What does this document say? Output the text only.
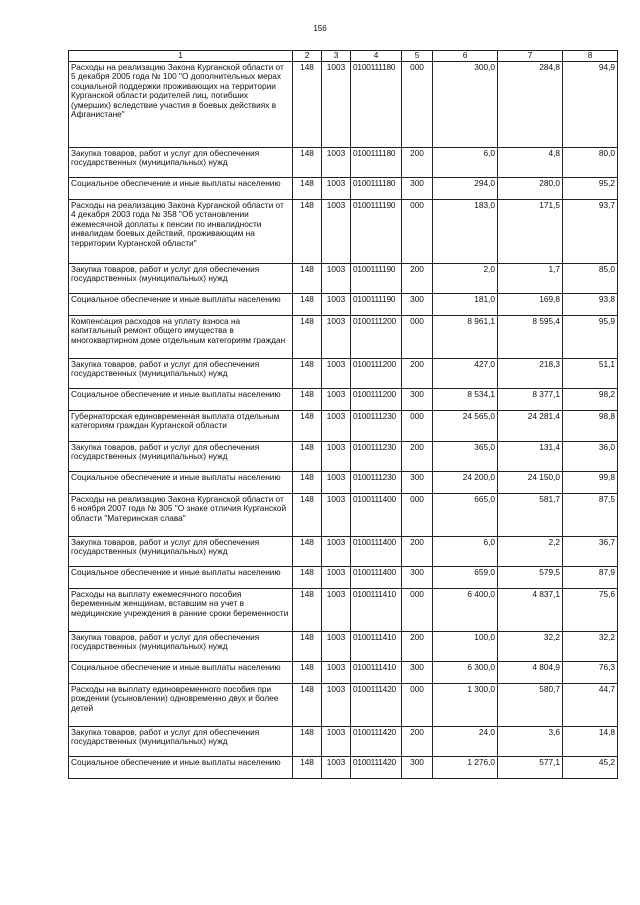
156
1	2	3	4	5	6	7	8
Расходы на реализацию Закона Курганской области от 5 декабря 2005 года № 100 "О дополнительных мерах социальной поддержки проживающих на территории Курганской области родителей лиц, погибших (умерших) вследствие участия в боевых действиях в Афганистане"	148	1003	0100111180	000	300,0	284,8	94,9
Закупка товаров, работ и услуг для обеспечения государственных (муниципальных) нужд	148	1003	0100111180	200	6,0	4,8	80,0
Социальное обеспечение и иные выплаты населению	148	1003	0100111180	300	294,0	280,0	95,2
Расходы на реализацию Закона Курганской области от 4 декабря 2003 года № 358 "Об установлении ежемесячной доплаты к пенсии по инвалидности инвалидам боевых действий, проживающим на территории Курганской области"	148	1003	0100111190	000	183,0	171,5	93,7
Закупка товаров, работ и услуг для обеспечения государственных (муниципальных) нужд	148	1003	0100111190	200	2,0	1,7	85,0
Социальное обеспечение и иные выплаты населению	148	1003	0100111190	300	181,0	169,8	93,8
Компенсация расходов на уплату взноса на капитальный ремонт общего имущества в многоквартирном доме отдельным категориям граждан	148	1003	0100111200	000	8 961,1	8 595,4	95,9
Закупка товаров, работ и услуг для обеспечения государственных (муниципальных) нужд	148	1003	0100111200	200	427,0	218,3	51,1
Социальное обеспечение и иные выплаты населению	148	1003	0100111200	300	8 534,1	8 377,1	98,2
Губернаторская единовременная выплата отдельным категориям граждан Курганской области	148	1003	0100111230	000	24 565,0	24 281,4	98,8
Закупка товаров, работ и услуг для обеспечения государственных (муниципальных) нужд	148	1003	0100111230	200	365,0	131,4	36,0
Социальное обеспечение и иные выплаты населению	148	1003	0100111230	300	24 200,0	24 150,0	99,8
Расходы на реализацию Закона Курганской области от 6 ноября 2007 года № 305 "О знаке отличия Курганской области "Материнская слава"	148	1003	0100111400	000	665,0	581,7	87,5
Закупка товаров, работ и услуг для обеспечения государственных (муниципальных) нужд	148	1003	0100111400	200	6,0	2,2	36,7
Социальное обеспечение и иные выплаты населению	148	1003	0100111400	300	659,0	579,5	87,9
Расходы на выплату ежемесячного пособия беременным женщинам, вставшим на учет в медицинские учреждения в ранние сроки беременности	148	1003	0100111410	000	6 400,0	4 837,1	75,6
Закупка товаров, работ и услуг для обеспечения государственных (муниципальных) нужд	148	1003	0100111410	200	100,0	32,2	32,2
Социальное обеспечение и иные выплаты населению	148	1003	0100111410	300	6 300,0	4 804,9	76,3
Расходы на выплату единовременного пособия при рождении (усыновлении) одновременно двух и более детей	148	1003	0100111420	000	1 300,0	580,7	44,7
Закупка товаров, работ и услуг для обеспечения государственных (муниципальных) нужд	148	1003	0100111420	200	24,0	3,6	14,8
Социальное обеспечение и иные выплаты населению	148	1003	0100111420	300	1 276,0	577,1	45,2
